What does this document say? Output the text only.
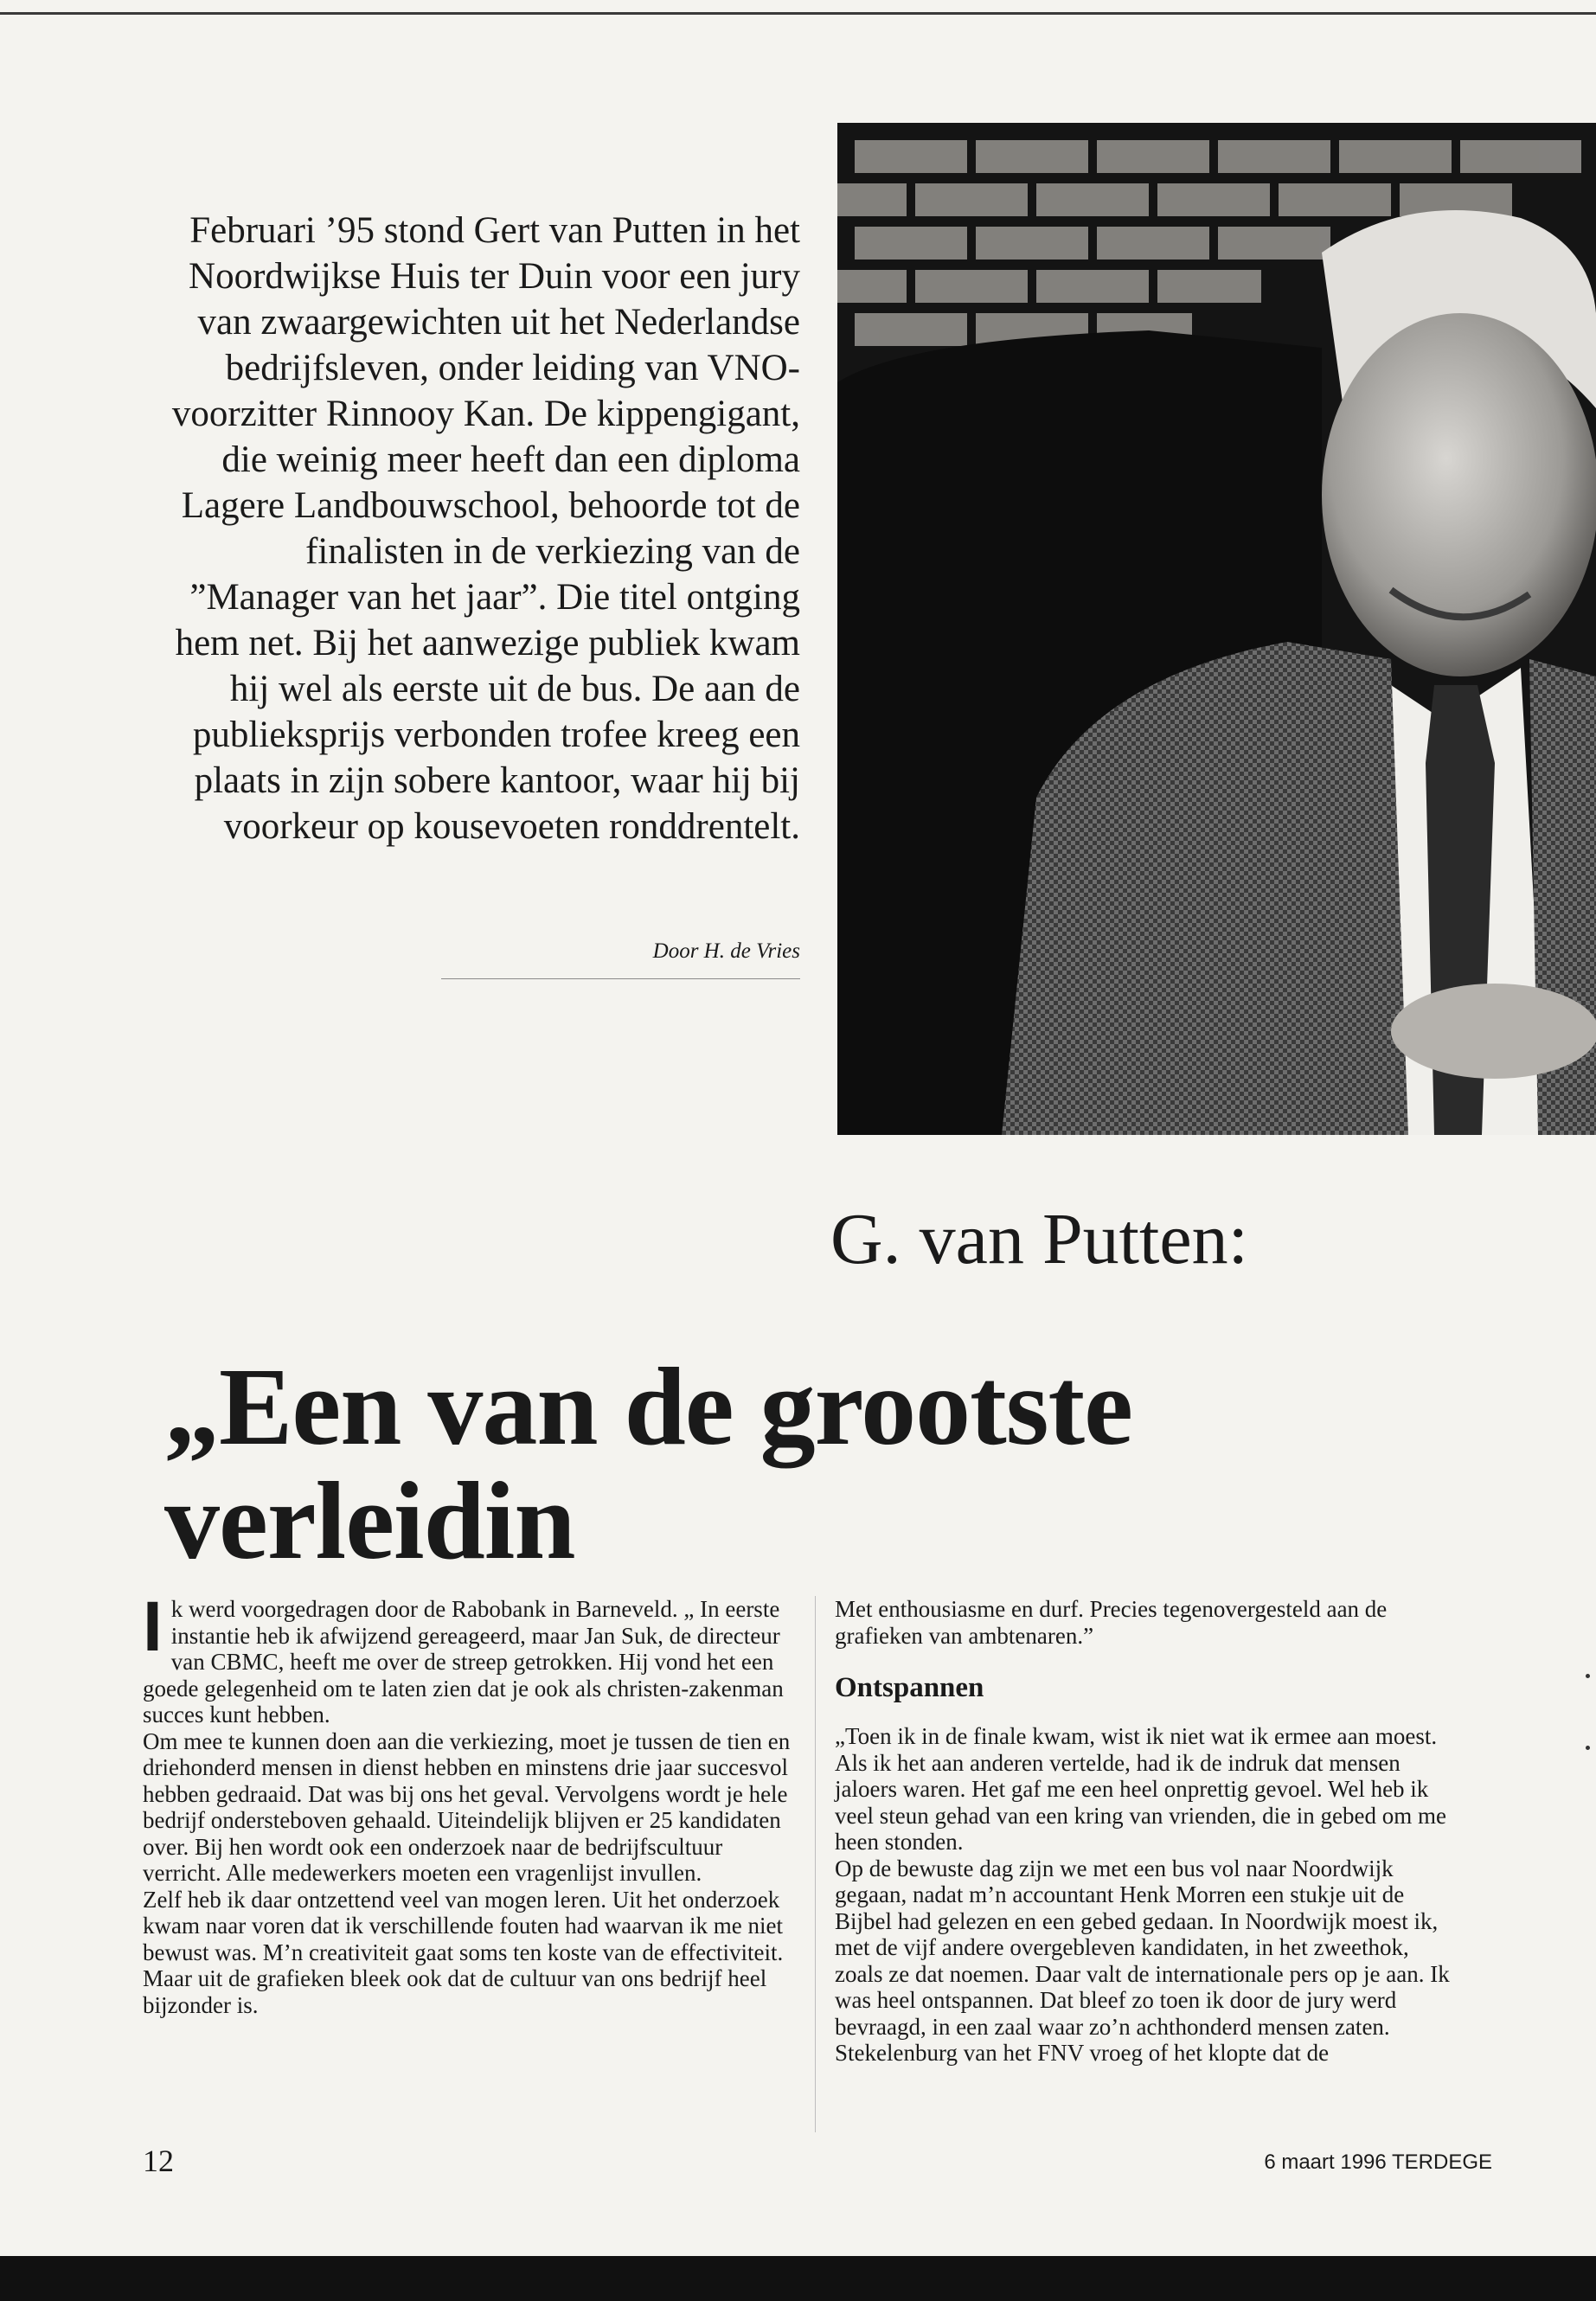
Februari ’95 stond Gert van Putten in het Noordwijkse Huis ter Duin voor een jury van zwaargewichten uit het Nederlandse bedrijfsleven, onder leiding van VNO-voorzitter Rinnooy Kan. De kippengigant, die weinig meer heeft dan een diploma Lagere Landbouwschool, behoorde tot de finalisten in de verkiezing van de ”Manager van het jaar”. Die titel ontging hem net. Bij het aanwezige publiek kwam hij wel als eerste uit de bus. De aan de publieksprijs verbonden trofee kreeg een plaats in zijn sobere kantoor, waar hij bij voorkeur op kousevoeten ronddrentelt.

Door H. de Vries
G. van Putten:
„Een van de grootste verleidin
I k werd voorgedragen door de Rabobank in Barneveld. „ In eerste instantie heb ik afwijzend gereageerd, maar Jan Suk, de directeur van CBMC, heeft me over de streep getrokken. Hij vond het een goede gelegenheid om te laten zien dat je ook als christen-zakenman succes kunt hebben.

Om mee te kunnen doen aan die verkiezing, moet je tussen de tien en driehonderd mensen in dienst hebben en minstens drie jaar succesvol hebben gedraaid. Dat was bij ons het geval. Vervolgens wordt je hele bedrijf ondersteboven gehaald. Uiteindelijk blijven er 25 kandidaten over. Bij hen wordt ook een onderzoek naar de bedrijfscultuur verricht. Alle medewerkers moeten een vragenlijst invullen.

Zelf heb ik daar ontzettend veel van mogen leren. Uit het onderzoek kwam naar voren dat ik verschillende fouten had waarvan ik me niet bewust was. M’n creativiteit gaat soms ten koste van de effectiviteit. Maar uit de grafieken bleek ook dat de cultuur van ons bedrijf heel bijzonder is.

Met enthousiasme en durf. Precies tegenovergesteld aan de grafieken van ambtenaren.”

Ontspannen

„Toen ik in de finale kwam, wist ik niet wat ik ermee aan moest. Als ik het aan anderen vertelde, had ik de indruk dat mensen jaloers waren. Het gaf me een heel onprettig gevoel. Wel heb ik veel steun gehad van een kring van vrienden, die in gebed om me heen stonden.

Op de bewuste dag zijn we met een bus vol naar Noordwijk gegaan, nadat m’n accountant Henk Morren een stukje uit de Bijbel had gelezen en een gebed gedaan. In Noordwijk moest ik, met de vijf andere overgebleven kandidaten, in het zweethok, zoals ze dat noemen. Daar valt de internationale pers op je aan. Ik was heel ontspannen. Dat bleef zo toen ik door de jury werd bevraagd, in een zaal waar zo’n achthonderd mensen zaten.

Stekelenburg van het FNV vroeg of het klopte dat de

12	6 maart 1996 TERDEGE
